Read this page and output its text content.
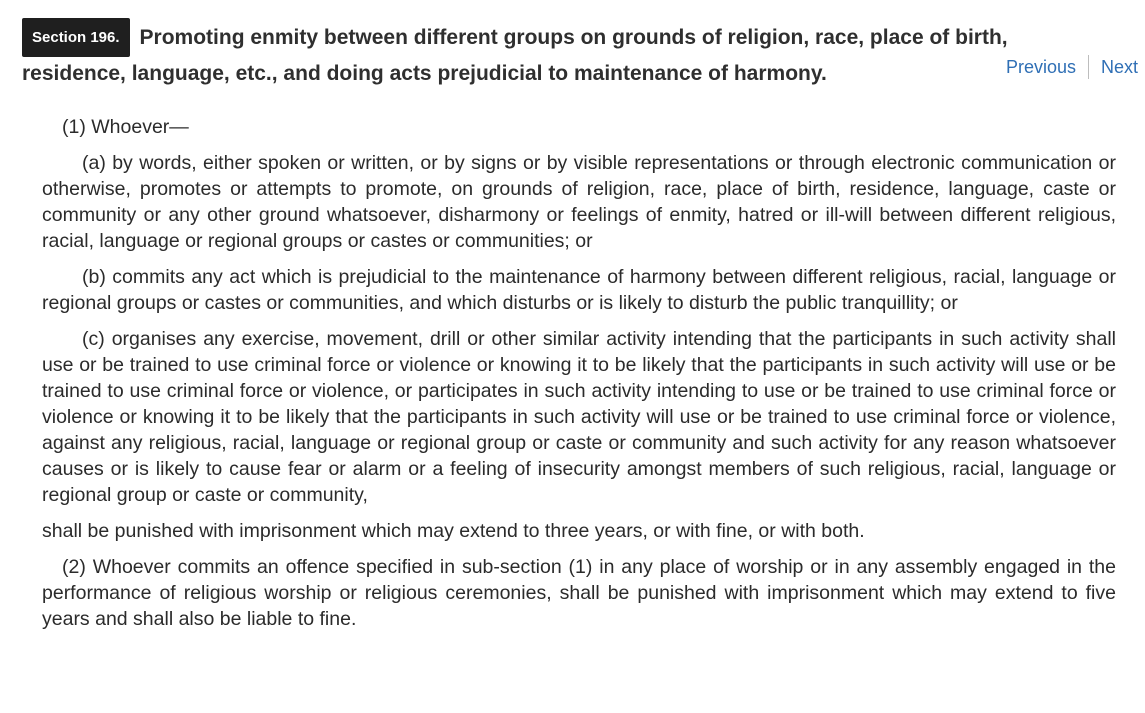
Section 196. Promoting enmity between different groups on grounds of religion, race, place of birth,
residence, language, etc., and doing acts prejudicial to maintenance of harmony.	Previous Next

(1) Whoever—

(a) by words, either spoken or written, or by signs or by visible representations or through electronic communication or otherwise, promotes or attempts to promote, on grounds of religion, race, place of birth, residence, language, caste or community or any other ground whatsoever, disharmony or feelings of enmity, hatred or ill-will between different religious, racial, language or regional groups or castes or communities; or

(b) commits any act which is prejudicial to the maintenance of harmony between different religious, racial, language or regional groups or castes or communities, and which disturbs or is likely to disturb the public tranquillity; or

(c) organises any exercise, movement, drill or other similar activity intending that the participants in such activity shall use or be trained to use criminal force or violence or knowing it to be likely that the participants in such activity will use or be trained to use criminal force or violence, or participates in such activity intending to use or be trained to use criminal force or violence or knowing it to be likely that the participants in such activity will use or be trained to use criminal force or violence, against any religious, racial, language or regional group or caste or community and such activity for any reason whatsoever causes or is likely to cause fear or alarm or a feeling of insecurity amongst members of such religious, racial, language or regional group or caste or community,

shall be punished with imprisonment which may extend to three years, or with fine, or with both.

(2) Whoever commits an offence specified in sub-section (1) in any place of worship or in any assembly engaged in the performance of religious worship or religious ceremonies, shall be punished with imprisonment which may extend to five years and shall also be liable to fine.
